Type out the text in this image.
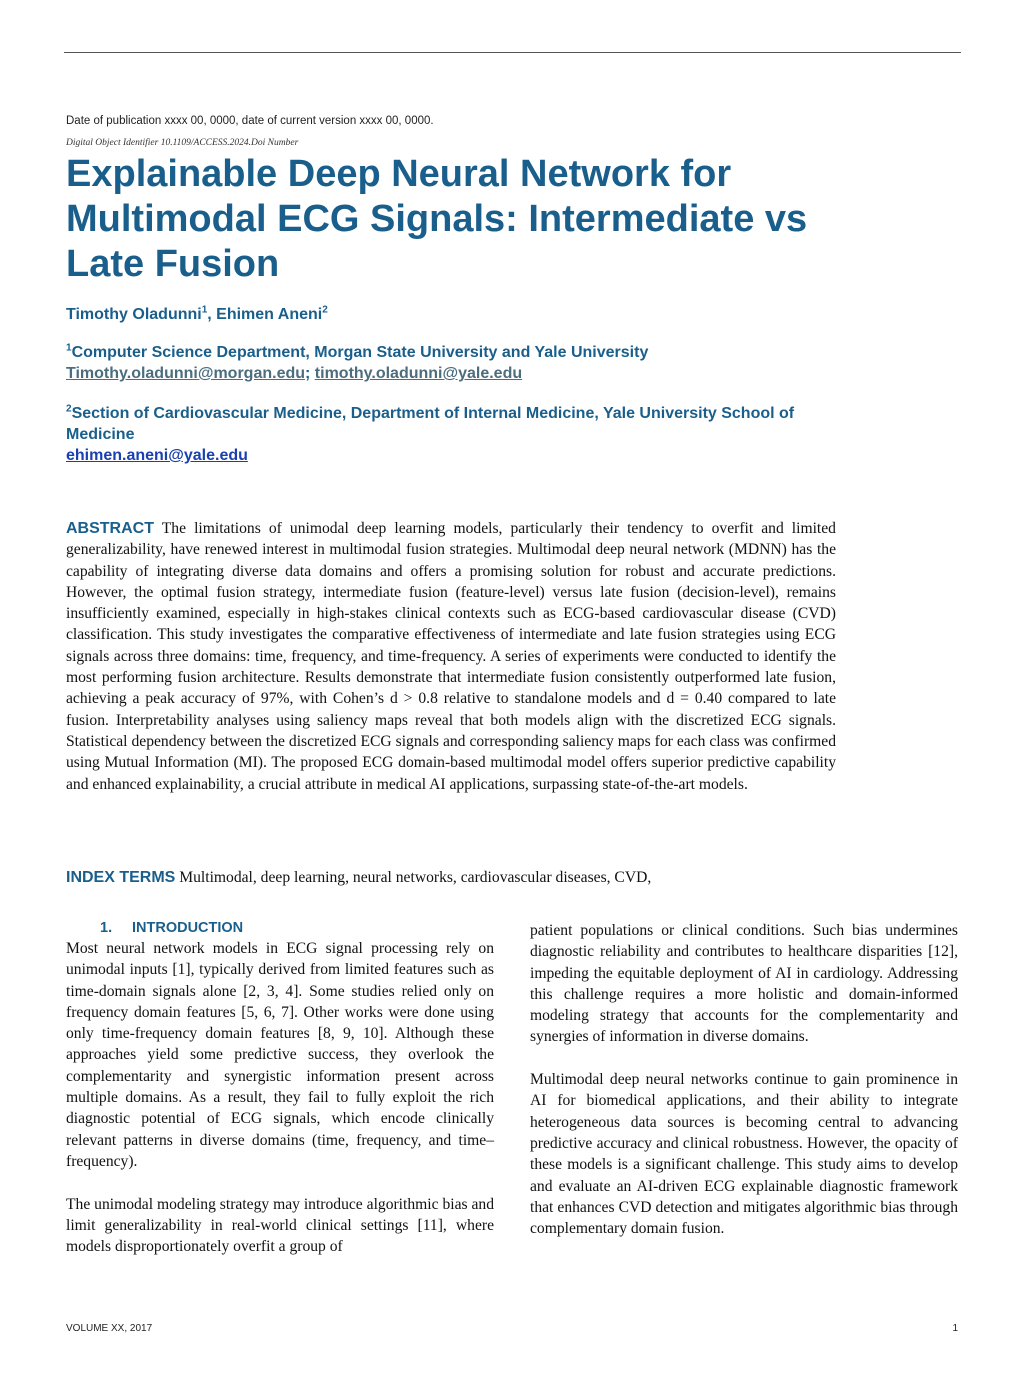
Date of publication xxxx 00, 0000, date of current version xxxx 00, 0000.
Digital Object Identifier 10.1109/ACCESS.2024.Doi Number
Explainable Deep Neural Network for Multimodal ECG Signals: Intermediate vs Late Fusion
Timothy Oladunni$^1$, Ehimen Aneni$^2$
$^1$Computer Science Department, Morgan State University and Yale University
Timothy.oladunni@morgan.edu; timothy.oladunni@yale.edu
$^2$Section of Cardiovascular Medicine, Department of Internal Medicine, Yale University School of Medicine
ehimen.aneni@yale.edu

ABSTRACT The limitations of unimodal deep learning models, particularly their tendency to overfit and limited generalizability, have renewed interest in multimodal fusion strategies. Multimodal deep neural network (MDNN) has the capability of integrating diverse data domains and offers a promising solution for robust and accurate predictions. However, the optimal fusion strategy, intermediate fusion (feature-level) versus late fusion (decision-level), remains insufficiently examined, especially in high-stakes clinical contexts such as ECG-based cardiovascular disease (CVD) classification. This study investigates the comparative effectiveness of intermediate and late fusion strategies using ECG signals across three domains: time, frequency, and time-frequency. A series of experiments were conducted to identify the most performing fusion architecture. Results demonstrate that intermediate fusion consistently outperformed late fusion, achieving a peak accuracy of 97%, with Cohen’s d > 0.8 relative to standalone models and d = 0.40 compared to late fusion. Interpretability analyses using saliency maps reveal that both models align with the discretized ECG signals. Statistical dependency between the discretized ECG signals and corresponding saliency maps for each class was confirmed using Mutual Information (MI). The proposed ECG domain-based multimodal model offers superior predictive capability and enhanced explainability, a crucial attribute in medical AI applications, surpassing state-of-the-art models.

INDEX TERMS Multimodal, deep learning, neural networks, cardiovascular diseases, CVD,
1. INTRODUCTION

Most neural network models in ECG signal processing rely on unimodal inputs [1], typically derived from limited features such as time-domain signals alone [2, 3, 4]. Some studies relied only on frequency domain features [5, 6, 7]. Other works were done using only time-frequency domain features [8, 9, 10]. Although these approaches yield some predictive success, they overlook the complementarity and synergistic information present across multiple domains. As a result, they fail to fully exploit the rich diagnostic potential of ECG signals, which encode clinically relevant patterns in diverse domains (time, frequency, and time–frequency).

The unimodal modeling strategy may introduce algorithmic bias and limit generalizability in real-world clinical settings [11], where models disproportionately overfit a group of

patient populations or clinical conditions. Such bias undermines diagnostic reliability and contributes to healthcare disparities [12], impeding the equitable deployment of AI in cardiology. Addressing this challenge requires a more holistic and domain-informed modeling strategy that accounts for the complementarity and synergies of information in diverse domains.

Multimodal deep neural networks continue to gain prominence in AI for biomedical applications, and their ability to integrate heterogeneous data sources is becoming central to advancing predictive accuracy and clinical robustness. However, the opacity of these models is a significant challenge. This study aims to develop and evaluate an AI-driven ECG explainable diagnostic framework that enhances CVD detection and mitigates algorithmic bias through complementary domain fusion.

VOLUME XX, 2017	1
